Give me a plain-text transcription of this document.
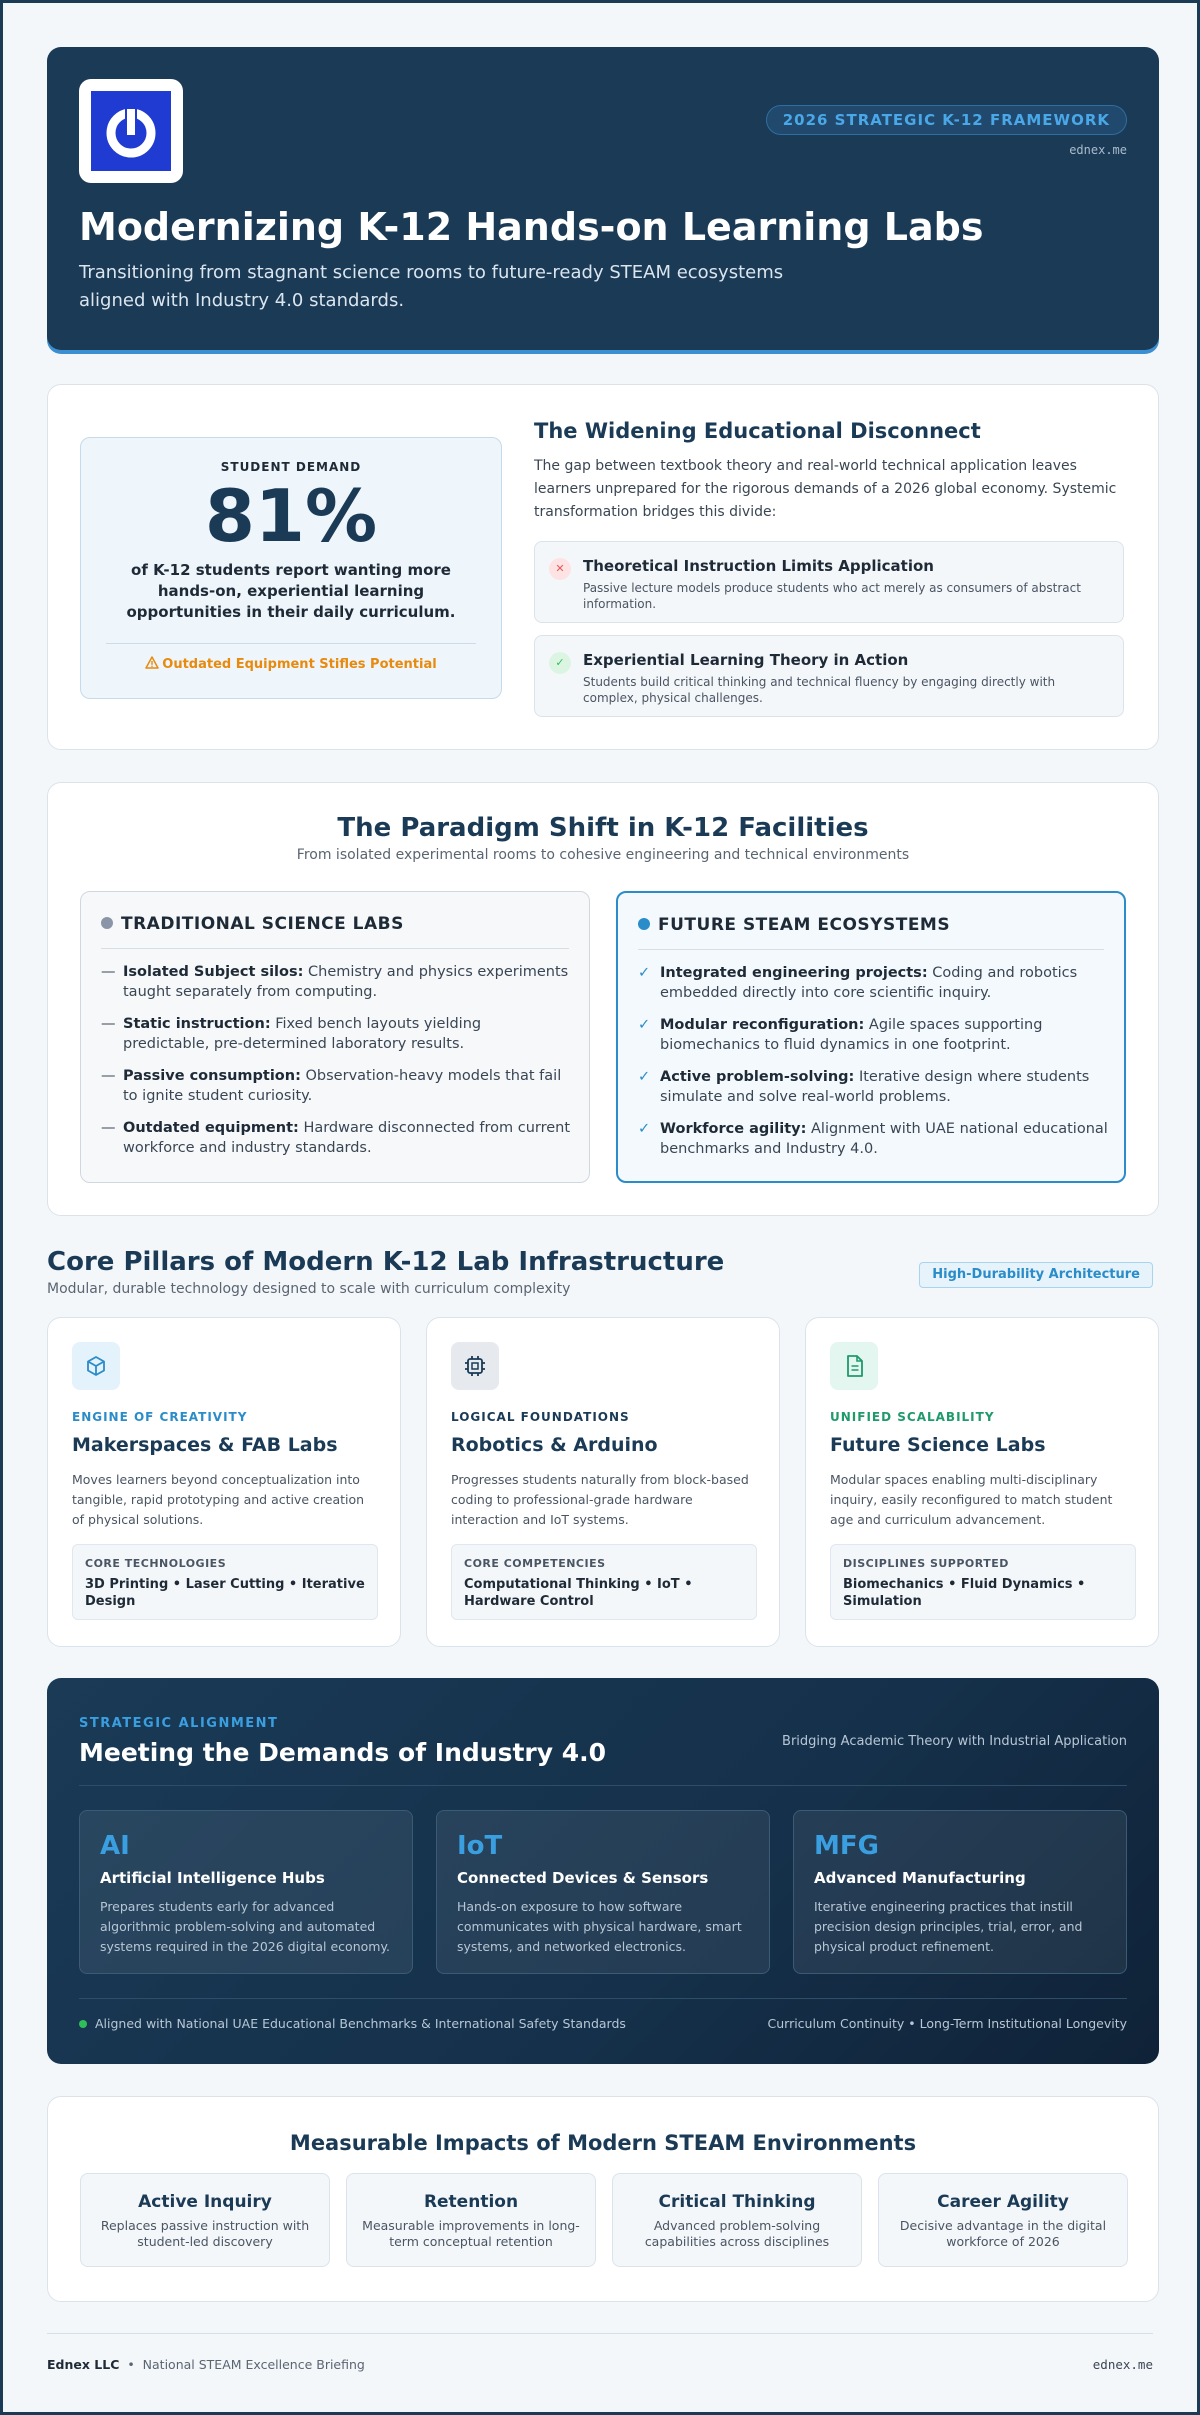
2026 STRATEGIC K-12 FRAMEWORK
ednex.me
Modernizing K-12 Hands-on Learning Labs
Transitioning from stagnant science rooms to future-ready STEAM ecosystems aligned with Industry 4.0 standards.
STUDENT DEMAND
81%
of K-12 students report wanting more hands-on, experiential learning opportunities in their daily curriculum.
Outdated Equipment Stifles Potential
The Widening Educational Disconnect
The gap between textbook theory and real-world technical application leaves learners unprepared for the rigorous demands of a 2026 global economy. Systemic transformation bridges this divide:
✕	Theoretical Instruction Limits Application
Passive lecture models produce students who act merely as consumers of abstract information.
✓	Experiential Learning Theory in Action
Students build critical thinking and technical fluency by engaging directly with complex, physical challenges.
The Paradigm Shift in K-12 Facilities
From isolated experimental rooms to cohesive engineering and technical environments
TRADITIONAL SCIENCE LABS
— Isolated Subject silos: Chemistry and physics experiments taught separately from computing.
— Static instruction: Fixed bench layouts yielding predictable, pre-determined laboratory results.
— Passive consumption: Observation-heavy models that fail to ignite student curiosity.
— Outdated equipment: Hardware disconnected from current workforce and industry standards.
FUTURE STEAM ECOSYSTEMS
✓ Integrated engineering projects: Coding and robotics embedded directly into core scientific inquiry.
✓ Modular reconfiguration: Agile spaces supporting biomechanics to fluid dynamics in one footprint.
✓ Active problem-solving: Iterative design where students simulate and solve real-world problems.
✓ Workforce agility: Alignment with UAE national educational benchmarks and Industry 4.0.
Core Pillars of Modern K-12 Lab Infrastructure
Modular, durable technology designed to scale with curriculum complexity
High-Durability Architecture
ENGINE OF CREATIVITY
Makerspaces & FAB Labs
Moves learners beyond conceptualization into tangible, rapid prototyping and active creation of physical solutions.
CORE TECHNOLOGIES
3D Printing • Laser Cutting • Iterative Design
LOGICAL FOUNDATIONS
Robotics & Arduino
Progresses students naturally from block-based coding to professional-grade hardware interaction and IoT systems.
CORE COMPETENCIES
Computational Thinking • IoT • Hardware Control
UNIFIED SCALABILITY
Future Science Labs
Modular spaces enabling multi-disciplinary inquiry, easily reconfigured to match student age and curriculum advancement.
DISCIPLINES SUPPORTED
Biomechanics • Fluid Dynamics • Simulation
STRATEGIC ALIGNMENT
Meeting the Demands of Industry 4.0	Bridging Academic Theory with Industrial Application
AI
Artificial Intelligence Hubs
Prepares students early for advanced algorithmic problem-solving and automated systems required in the 2026 digital economy.
IoT
Connected Devices & Sensors
Hands-on exposure to how software communicates with physical hardware, smart systems, and networked electronics.
MFG
Advanced Manufacturing
Iterative engineering practices that instill precision design principles, trial, error, and physical product refinement.
Aligned with National UAE Educational Benchmarks & International Safety Standards	Curriculum Continuity • Long-Term Institutional Longevity
Measurable Impacts of Modern STEAM Environments
Active Inquiry
Replaces passive instruction with student-led discovery
Retention
Measurable improvements in long-term conceptual retention
Critical Thinking
Advanced problem-solving capabilities across disciplines
Career Agility
Decisive advantage in the digital workforce of 2026
Ednex LLC • National STEAM Excellence Briefing	ednex.me
